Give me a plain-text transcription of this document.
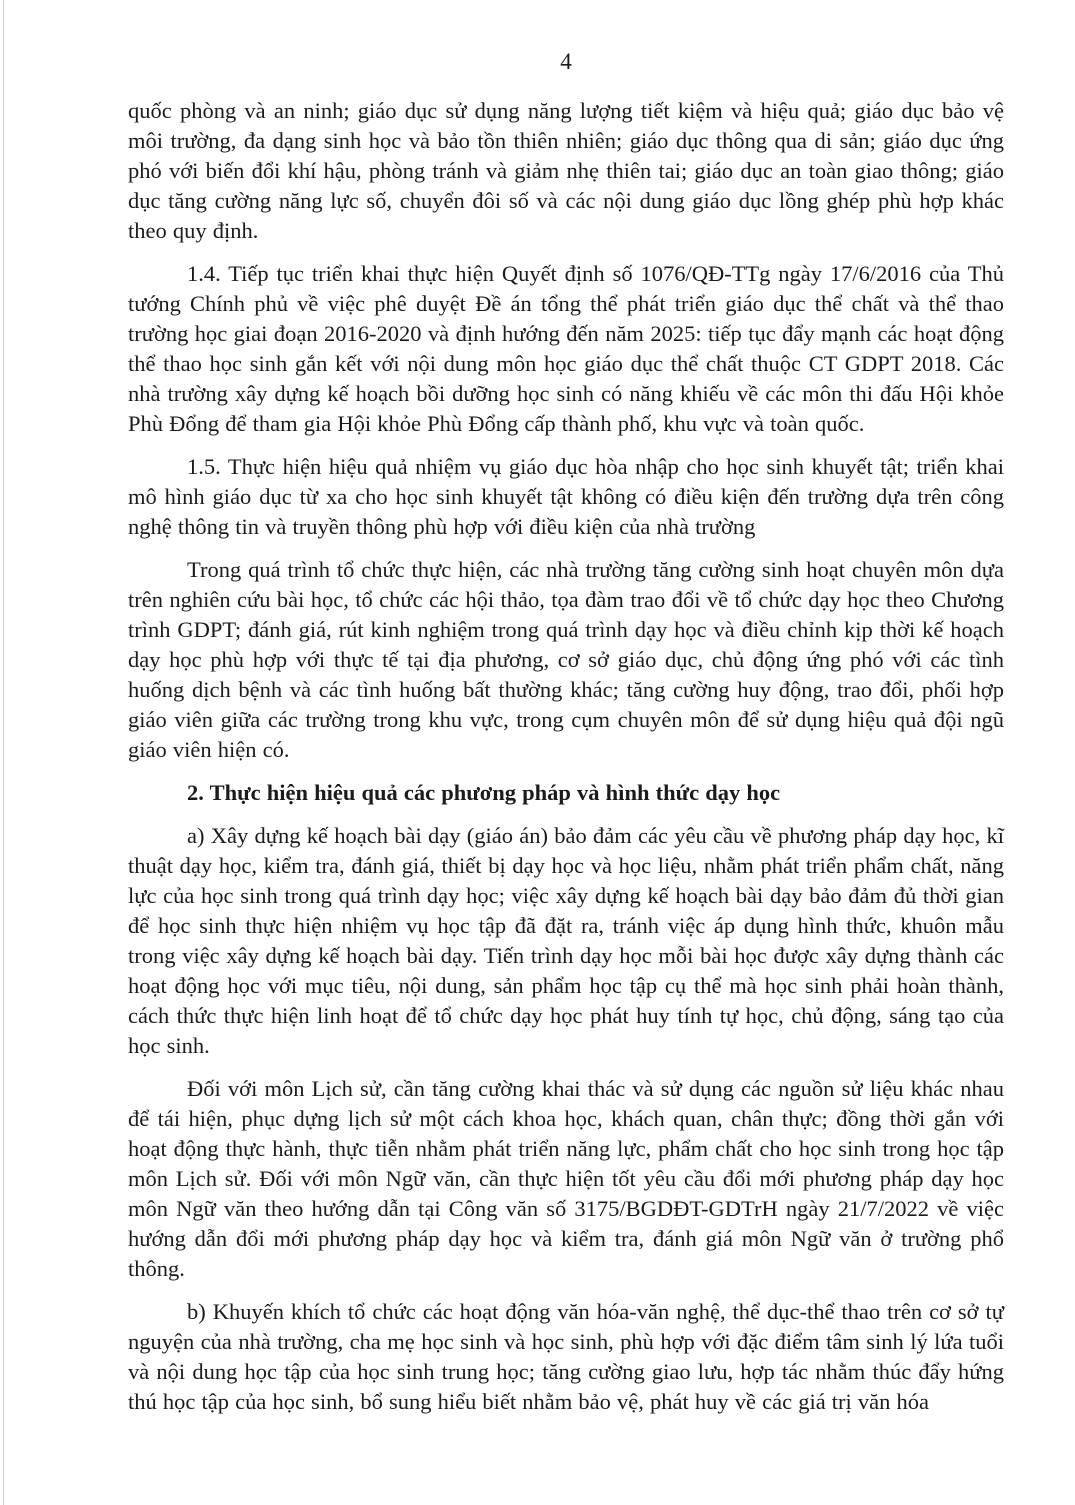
4

quốc phòng và an ninh; giáo dục sử dụng năng lượng tiết kiệm và hiệu quả; giáo dục bảo vệ môi trường, đa dạng sinh học và bảo tồn thiên nhiên; giáo dục thông qua di sản; giáo dục ứng phó với biến đổi khí hậu, phòng tránh và giảm nhẹ thiên tai; giáo dục an toàn giao thông; giáo dục tăng cường năng lực số, chuyển đôi số và các nội dung giáo dục lồng ghép phù hợp khác theo quy định.

1.4. Tiếp tục triển khai thực hiện Quyết định số 1076/QĐ-TTg ngày 17/6/2016 của Thủ tướng Chính phủ về việc phê duyệt Đề án tổng thể phát triển giáo dục thể chất và thể thao trường học giai đoạn 2016-2020 và định hướng đến năm 2025: tiếp tục đẩy mạnh các hoạt động thể thao học sinh gắn kết với nội dung môn học giáo dục thể chất thuộc CT GDPT 2018. Các nhà trường xây dựng kế hoạch bồi dưỡng học sinh có năng khiếu về các môn thi đấu Hội khỏe Phù Đổng để tham gia Hội khỏe Phù Đổng cấp thành phố, khu vực và toàn quốc.

1.5. Thực hiện hiệu quả nhiệm vụ giáo dục hòa nhập cho học sinh khuyết tật; triển khai mô hình giáo dục từ xa cho học sinh khuyết tật không có điều kiện đến trường dựa trên công nghệ thông tin và truyền thông phù hợp với điều kiện của nhà trường

Trong quá trình tổ chức thực hiện, các nhà trường tăng cường sinh hoạt chuyên môn dựa trên nghiên cứu bài học, tổ chức các hội thảo, tọa đàm trao đổi về tổ chức dạy học theo Chương trình GDPT; đánh giá, rút kinh nghiệm trong quá trình dạy học và điều chỉnh kịp thời kế hoạch dạy học phù hợp với thực tế tại địa phương, cơ sở giáo dục, chủ động ứng phó với các tình huống dịch bệnh và các tình huống bất thường khác; tăng cường huy động, trao đổi, phối hợp giáo viên giữa các trường trong khu vực, trong cụm chuyên môn để sử dụng hiệu quả đội ngũ giáo viên hiện có.

2. Thực hiện hiệu quả các phương pháp và hình thức dạy học

a) Xây dựng kế hoạch bài dạy (giáo án) bảo đảm các yêu cầu về phương pháp dạy học, kĩ thuật dạy học, kiểm tra, đánh giá, thiết bị dạy học và học liệu, nhằm phát triển phẩm chất, năng lực của học sinh trong quá trình dạy học; việc xây dựng kế hoạch bài dạy bảo đảm đủ thời gian để học sinh thực hiện nhiệm vụ học tập đã đặt ra, tránh việc áp dụng hình thức, khuôn mẫu trong việc xây dựng kế hoạch bài dạy. Tiến trình dạy học mỗi bài học được xây dựng thành các hoạt động học với mục tiêu, nội dung, sản phẩm học tập cụ thể mà học sinh phải hoàn thành, cách thức thực hiện linh hoạt để tổ chức dạy học phát huy tính tự học, chủ động, sáng tạo của học sinh.

Đối với môn Lịch sử, cần tăng cường khai thác và sử dụng các nguồn sử liệu khác nhau để tái hiện, phục dựng lịch sử một cách khoa học, khách quan, chân thực; đồng thời gắn với hoạt động thực hành, thực tiễn nhằm phát triển năng lực, phẩm chất cho học sinh trong học tập môn Lịch sử. Đối với môn Ngữ văn, cần thực hiện tốt yêu cầu đổi mới phương pháp dạy học môn Ngữ văn theo hướng dẫn tại Công văn số 3175/BGDĐT-GDTrH ngày 21/7/2022 về việc hướng dẫn đổi mới phương pháp dạy học và kiểm tra, đánh giá môn Ngữ văn ở trường phổ thông.

b) Khuyến khích tổ chức các hoạt động văn hóa-văn nghệ, thể dục-thể thao trên cơ sở tự nguyện của nhà trường, cha mẹ học sinh và học sinh, phù hợp với đặc điểm tâm sinh lý lứa tuổi và nội dung học tập của học sinh trung học; tăng cường giao lưu, hợp tác nhằm thúc đẩy hứng thú học tập của học sinh, bổ sung hiểu biết nhằm bảo vệ, phát huy về các giá trị văn hóa
